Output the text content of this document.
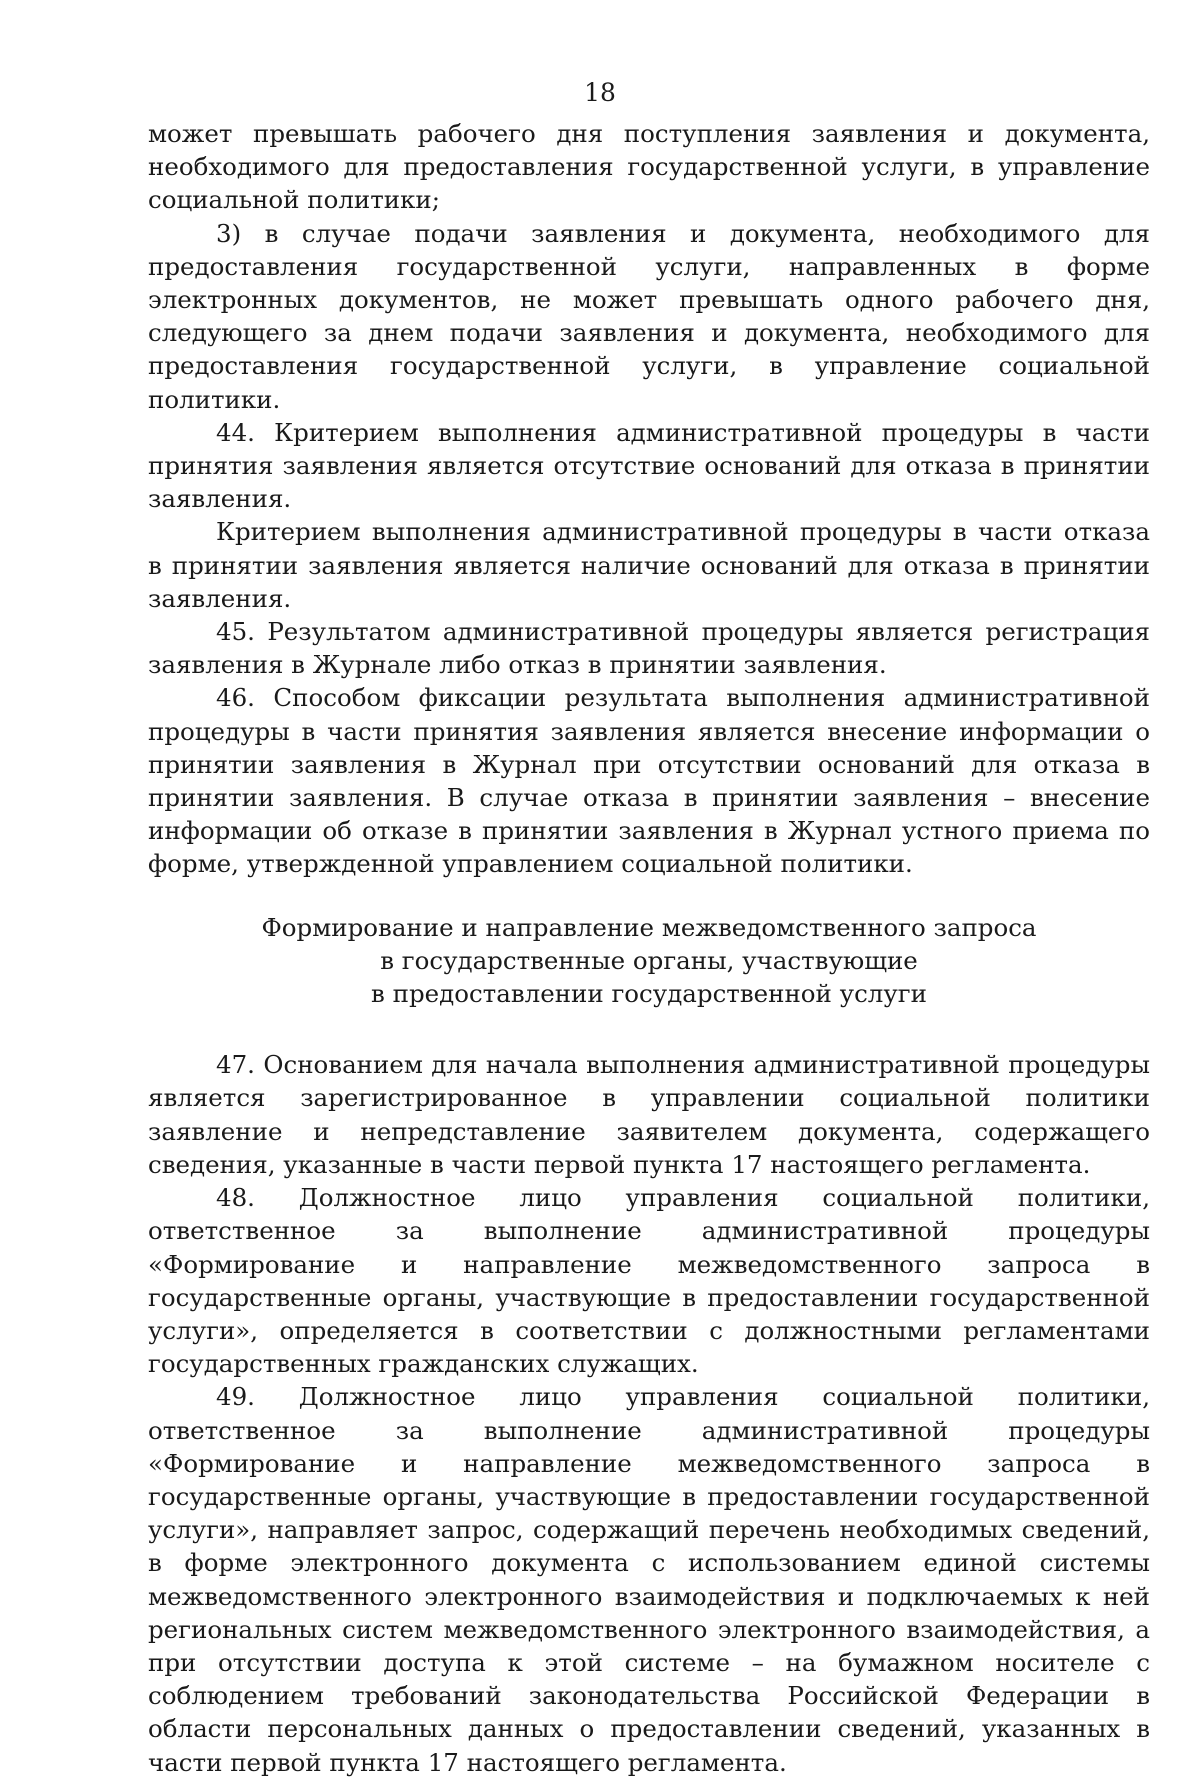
18

может превышать рабочего дня поступления заявления и документа, необходимого для предоставления государственной услуги, в управление социальной политики;

3) в случае подачи заявления и документа, необходимого для предоставления государственной услуги, направленных в форме электронных документов, не может превышать одного рабочего дня, следующего за днем подачи заявления и документа, необходимого для предоставления государственной услуги, в управление социальной политики.

44. Критерием выполнения административной процедуры в части принятия заявления является отсутствие оснований для отказа в принятии заявления.

Критерием выполнения административной процедуры в части отказа в принятии заявления является наличие оснований для отказа в принятии заявления.

45. Результатом административной процедуры является регистрация заявления в Журнале либо отказ в принятии заявления.

46. Способом фиксации результата выполнения административной процедуры в части принятия заявления является внесение информации о принятии заявления в Журнал при отсутствии оснований для отказа в принятии заявления. В случае отказа в принятии заявления – внесение информации об отказе в принятии заявления в Журнал устного приема по форме, утвержденной управлением социальной политики.

Формирование и направление межведомственного запроса
в государственные органы, участвующие
в предоставлении государственной услуги

47. Основанием для начала выполнения административной процедуры является зарегистрированное в управлении социальной политики заявление и непредставление заявителем документа, содержащего сведения, указанные в части первой пункта 17 настоящего регламента.

48. Должностное лицо управления социальной политики, ответственное за выполнение административной процедуры «Формирование и направление межведомственного запроса в государственные органы, участвующие в предоставлении государственной услуги», определяется в соответствии с должностными регламентами государственных гражданских служащих.

49. Должностное лицо управления социальной политики, ответственное за выполнение административной процедуры «Формирование и направление межведомственного запроса в государственные органы, участвующие в предоставлении государственной услуги», направляет запрос, содержащий перечень необходимых сведений, в форме электронного документа с использованием единой системы межведомственного электронного взаимодействия и подключаемых к ней региональных систем межведомственного электронного взаимодействия, а при отсутствии доступа к этой системе – на бумажном носителе с соблюдением требований законодательства Российской Федерации в области персональных данных о предоставлении сведений, указанных в части первой пункта 17 настоящего регламента.
